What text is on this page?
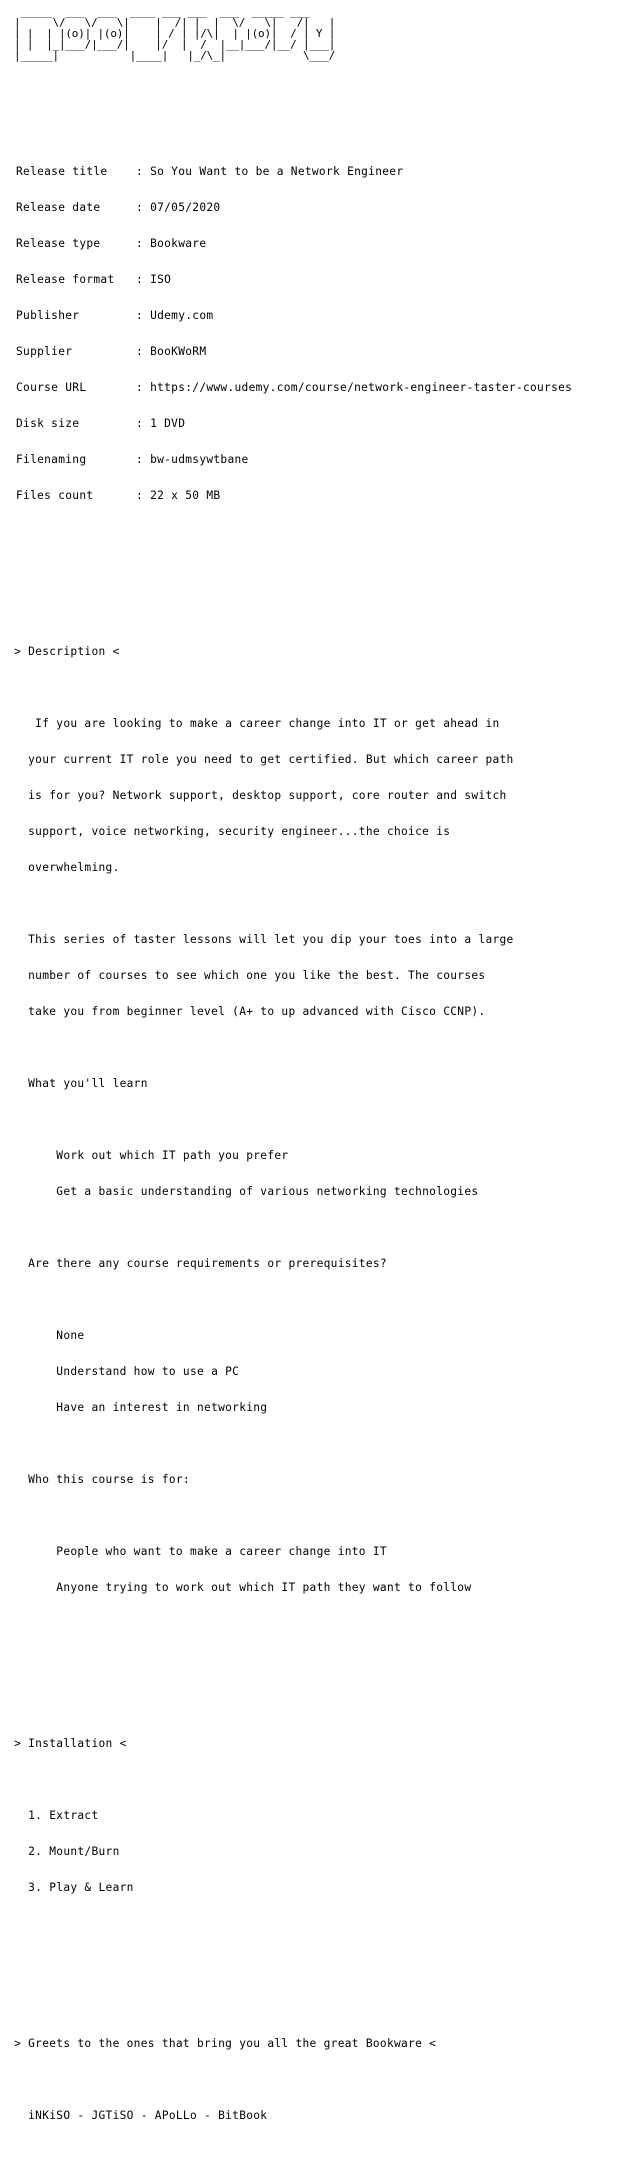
_____  ___  ___  ____ ___ ___  ___  _____ ___
|     \/   \/   \|    |  /| |  |  \/   \|   /|   |
| |  | |(o)| |(o)|    | / | |/\|  | |(o)|  / | Y |
| |  |_|___/|___/|    |/  |  /  |__|___/|__/ |___|
|_____|           |____|   |_/\_|            \___/

Release title	: So You Want to be a Network Engineer

Release date	: 07/05/2020

Release type	: Bookware

Release format : ISO

Publisher	: Udemy.com

Supplier	: BooKWoRM

Course URL	: https://www.udemy.com/course/network-engineer-taster-courses

Disk size	: 1 DVD

Filenaming	: bw-udmsywtbane

Files count	: 22 x 50 MB

> Description <

If you are looking to make a career change into IT or get ahead in

your current IT role you need to get certified. But which career path

is for you? Network support, desktop support, core router and switch

support, voice networking, security engineer...the choice is

overwhelming.

This series of taster lessons will let you dip your toes into a large

number of courses to see which one you like the best. The courses

take you from beginner level (A+ to up advanced with Cisco CCNP).

What you'll learn

Work out which IT path you prefer

Get a basic understanding of various networking technologies

Are there any course requirements or prerequisites?

None

Understand how to use a PC

Have an interest in networking

Who this course is for:

People who want to make a career change into IT

Anyone trying to work out which IT path they want to follow

> Installation <

1. Extract

2. Mount/Burn

3. Play & Learn

> Greets to the ones that bring you all the great Bookware <

iNKiSO - JGTiSO - APoLLo - BitBook
